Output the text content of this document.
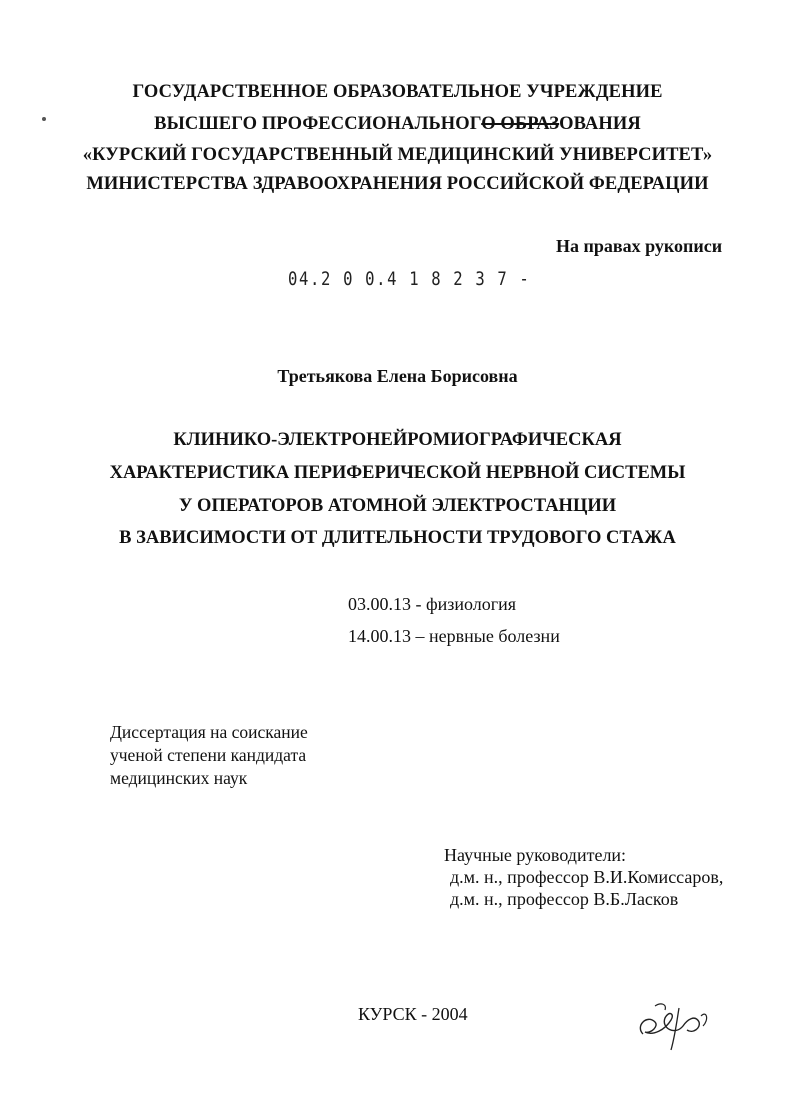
ГОСУДАРСТВЕННОЕ ОБРАЗОВАТЕЛЬНОЕ УЧРЕЖДЕНИЕ
ВЫСШЕГО ПРОФЕССИОНАЛЬНОГО ОБРАЗОВАНИЯ
«КУРСКИЙ ГОСУДАРСТВЕННЫЙ МЕДИЦИНСКИЙ УНИВЕРСИТЕТ»
МИНИСТЕРСТВА ЗДРАВООХРАНЕНИЯ РОССИЙСКОЙ ФЕДЕРАЦИИ
На правах рукописи
04.2 0 0.4 1 8 2 3 7 -
Третьякова Елена Борисовна
КЛИНИКО-ЭЛЕКТРОНЕЙРОМИОГРАФИЧЕСКАЯ
ХАРАКТЕРИСТИКА ПЕРИФЕРИЧЕСКОЙ НЕРВНОЙ СИСТЕМЫ
У ОПЕРАТОРОВ АТОМНОЙ ЭЛЕКТРОСТАНЦИИ
В ЗАВИСИМОСТИ ОТ ДЛИТЕЛЬНОСТИ ТРУДОВОГО СТАЖА
03.00.13 - физиология
14.00.13 – нервные болезни
Диссертация на соискание
ученой степени кандидата
медицинских наук
Научные руководители:
д.м. н., профессор В.И.Комиссаров,
д.м. н., профессор В.Б.Ласков
КУРСК - 2004
